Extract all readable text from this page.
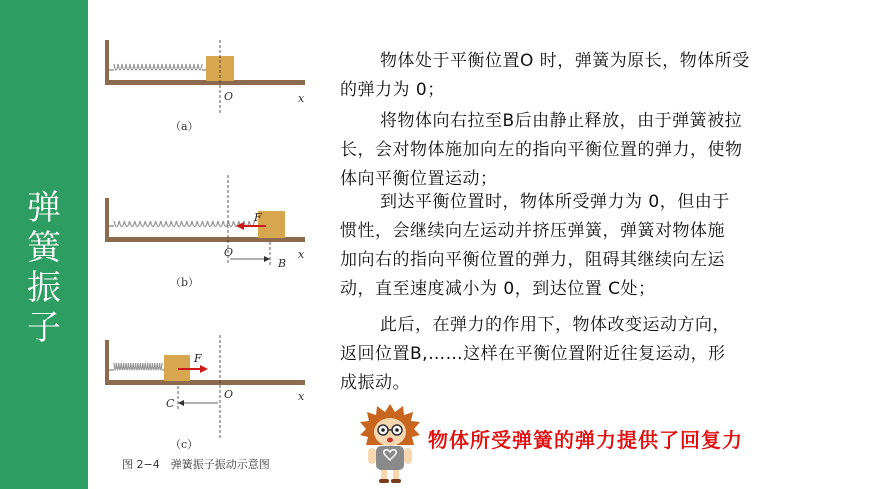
弹
簧
振
子
O	x
（a）
F
O
B
x
（b）
F
O
C
x
（c）
图 2−4　弹簧振子振动示意图
物体处于平衡位置O 时，弹簧为原长，物体所受
的弹力为 0；
将物体向右拉至B后由静止释放，由于弹簧被拉
长，会对物体施加向左的指向平衡位置的弹力，使物
体向平衡位置运动；
到达平衡位置时，物体所受弹力为 0，但由于
惯性，会继续向左运动并挤压弹簧，弹簧对物体施
加向右的指向平衡位置的弹力，阻碍其继续向左运
动，直至速度减小为 0，到达位置 C处；
此后，在弹力的作用下，物体改变运动方向，
返回位置B,……这样在平衡位置附近往复运动，形
成振动。
物体所受弹簧的弹力提供了回复力
